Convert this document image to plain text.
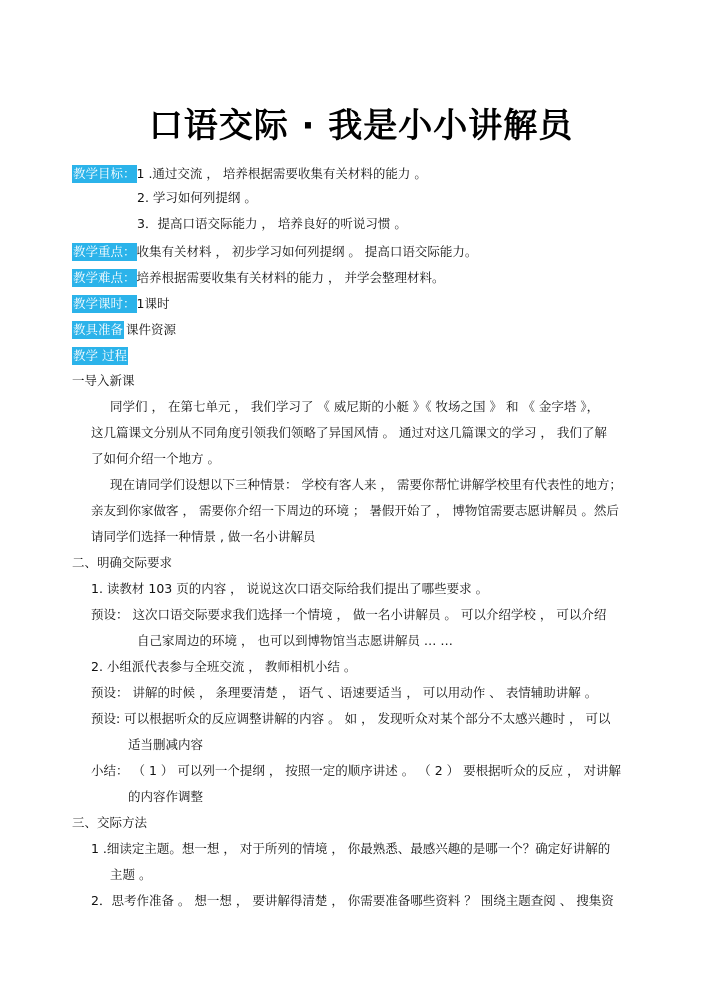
口语交际 · 我是小小讲解员
教学目标：1 .通过交流 ， 培养根据需要收集有关材料的能力 。
2. 学习如何列提纲 。
3．提高口语交际能力 ， 培养良好的听说习惯 。
教学重点：收集有关材料 ， 初步学习如何列提纲 。 提高口语交际能力。
教学难点：培养根据需要收集有关材料的能力 ， 并学会整理材料。
教学课时：1课时
教具准备 课件资源
教学 过程
一导入新课
同学们 ， 在第七单元 ， 我们学习了 《 威尼斯的小艇 》《 牧场之国 》 和 《 金字塔 》，
这几篇课文分别从不同角度引领我们领略了异国风情 。 通过对这几篇课文的学习 ， 我们了解
了如何介绍一个地方 。
现在请同学们设想以下三种情景： 学校有客人来 ， 需要你帮忙讲解学校里有代表性的地方；
亲友到你家做客 ， 需要你介绍一下周边的环境 ； 暑假开始了 ， 博物馆需要志愿讲解员 。然后
请同学们选择一种情景 , 做一名小讲解员
二、明确交际要求
1. 读教材 103 页的内容 ， 说说这次口语交际给我们提出了哪些要求 。
预设： 这次口语交际要求我们选择一个情境 ， 做一名小讲解员 。 可以介绍学校 ， 可以介绍
自己家周边的环境 ， 也可以到博物馆当志愿讲解员 … …
2. 小组派代表参与全班交流 ， 教师相机小结 。
预设： 讲解的时候 ， 条理要清楚 ， 语气 、语速要适当 ， 可以用动作 、 表情辅助讲解 。
预设: 可以根据听众的反应调整讲解的内容 。 如 ， 发现听众对某个部分不太感兴趣时 ， 可以
适当删减内容
小结： （ 1 ） 可以列一个提纲 ， 按照一定的顺序讲述 。 （ 2 ） 要根据听众的反应 ， 对讲解
的内容作调整
三、交际方法
1 .细读定主题。想一想 ， 对于所列的情境 ， 你最熟悉、最感兴趣的是哪一个？确定好讲解的
主题 。
2．思考作准备 。 想一想 ， 要讲解得清楚 ， 你需要准备哪些资料 ？ 围绕主题查阅 、 搜集资
